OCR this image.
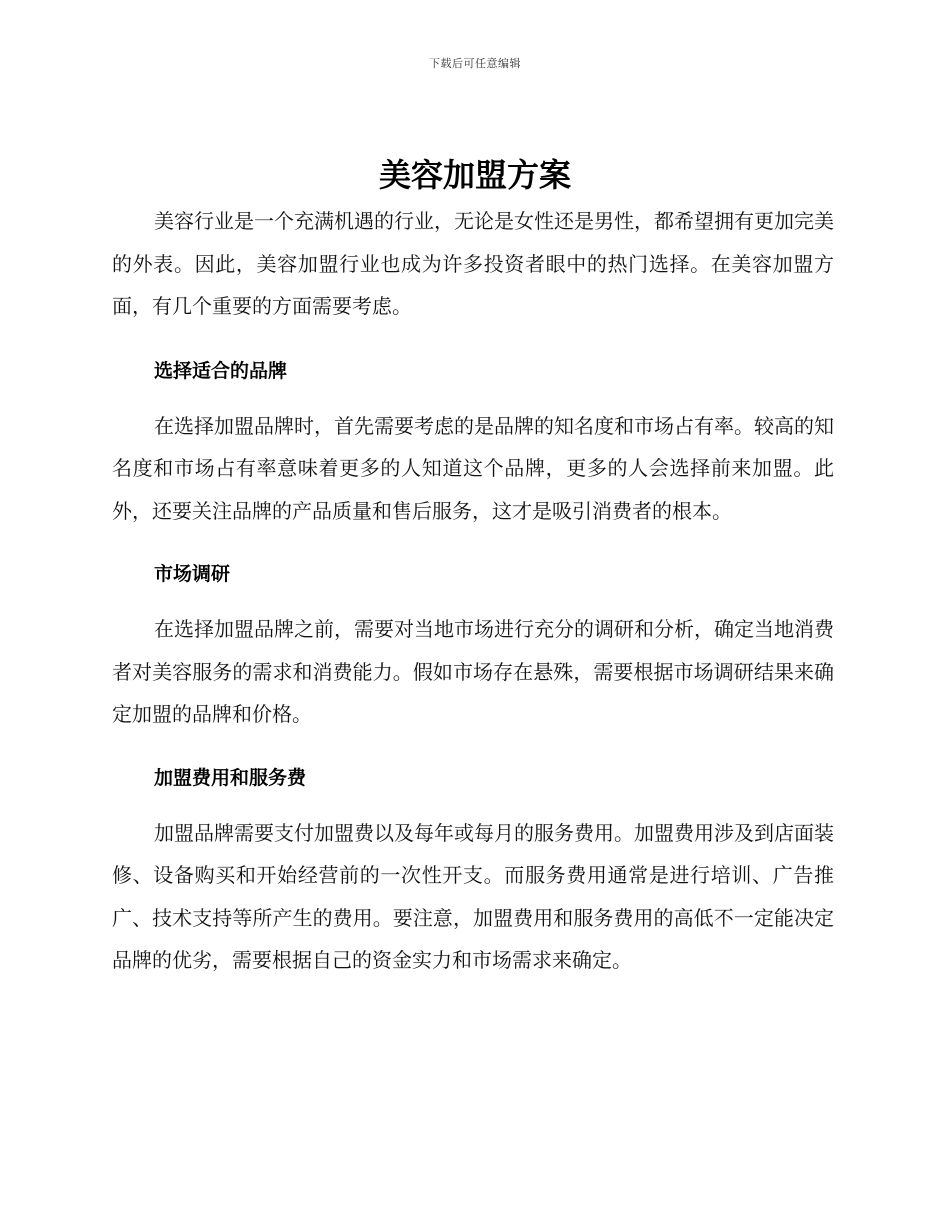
下载后可任意编辑
美容加盟方案

美容行业是一个充满机遇的行业，无论是女性还是男性，都希望拥有更加完美的外表。因此，美容加盟行业也成为许多投资者眼中的热门选择。在美容加盟方面，有几个重要的方面需要考虑。

选择适合的品牌

在选择加盟品牌时，首先需要考虑的是品牌的知名度和市场占有率。较高的知名度和市场占有率意味着更多的人知道这个品牌，更多的人会选择前来加盟。此外，还要关注品牌的产品质量和售后服务，这才是吸引消费者的根本。

市场调研

在选择加盟品牌之前，需要对当地市场进行充分的调研和分析，确定当地消费者对美容服务的需求和消费能力。假如市场存在悬殊，需要根据市场调研结果来确定加盟的品牌和价格。

加盟费用和服务费

加盟品牌需要支付加盟费以及每年或每月的服务费用。加盟费用涉及到店面装修、设备购买和开始经营前的一次性开支。而服务费用通常是进行培训、广告推广、技术支持等所产生的费用。要注意，加盟费用和服务费用的高低不一定能决定品牌的优劣，需要根据自己的资金实力和市场需求来确定。
